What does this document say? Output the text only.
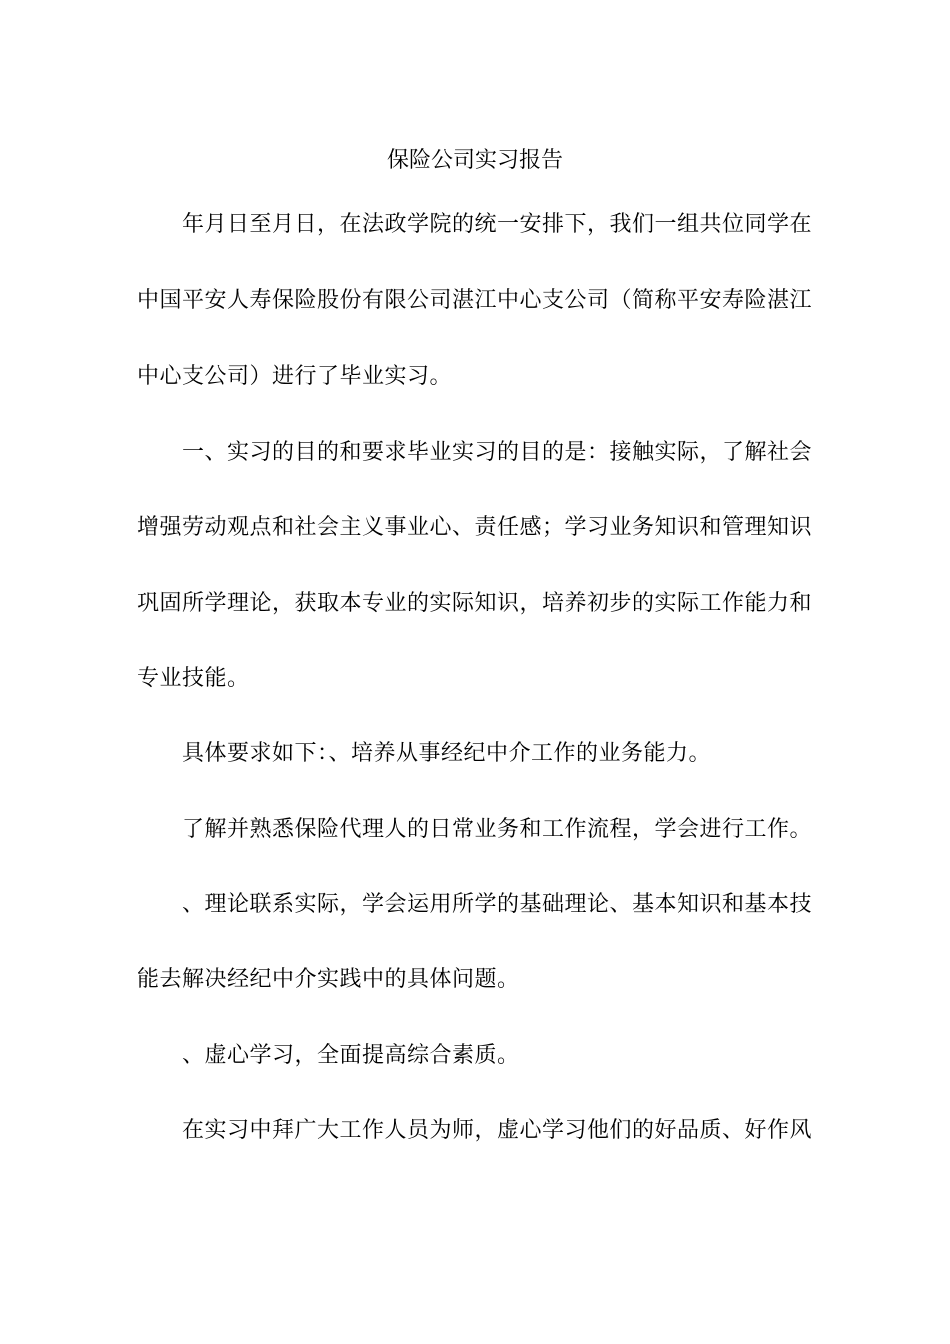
保险公司实习报告
年月日至月日，在法政学院的统一安排下，我们一组共位同学在
中国平安人寿保险股份有限公司湛江中心支公司（简称平安寿险湛江
中心支公司）进行了毕业实习。
一、实习的目的和要求毕业实习的目的是：接触实际，了解社会
增强劳动观点和社会主义事业心、责任感；学习业务知识和管理知识
巩固所学理论，获取本专业的实际知识，培养初步的实际工作能力和
专业技能。
具体要求如下：、培养从事经纪中介工作的业务能力。
了解并熟悉保险代理人的日常业务和工作流程，学会进行工作。
、理论联系实际，学会运用所学的基础理论、基本知识和基本技
能去解决经纪中介实践中的具体问题。
、虚心学习，全面提高综合素质。
在实习中拜广大工作人员为师，虚心学习他们的好品质、好作风
